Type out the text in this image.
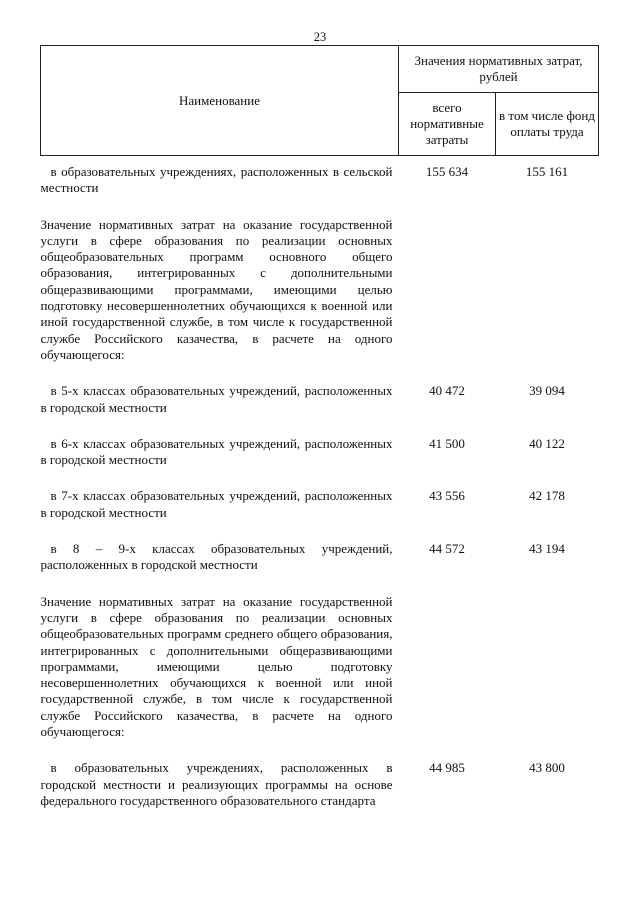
23
Наименование	Значения нормативных затрат, рублей	
	всего нормативные затраты	в том числе фонд оплаты труда
в образовательных учреждениях, расположенных в сельской местности	155 634	155 161
Значение нормативных затрат на оказание государственной услуги в сфере образования по реализации основных общеобразовательных программ основного общего образования, интегрированных с дополнительными общеразвивающими программами, имеющими целью подготовку несовершеннолетних обучающихся к военной или иной государственной службе, в том числе к государственной службе Российского казачества, в расчете на одного обучающегося:		
в 5-х классах образовательных учреждений, расположенных в городской местности	40 472	39 094
в 6-х классах образовательных учреждений, расположенных в городской местности	41 500	40 122
в 7-х классах образовательных учреждений, расположенных в городской местности	43 556	42 178
в 8 – 9-х классах образовательных учреждений, расположенных в городской местности	44 572	43 194
Значение нормативных затрат на оказание государственной услуги в сфере образования по реализации основных общеобразовательных программ среднего общего образования, интегрированных с дополнительными общеразвивающими программами, имеющими целью подготовку несовершеннолетних обучающихся к военной или иной государственной службе, в том числе к государственной службе Российского казачества, в расчете на одного обучающегося:		
в образовательных учреждениях, расположенных в городской местности и реализующих программы на основе федерального государственного образовательного стандарта	44 985	43 800
